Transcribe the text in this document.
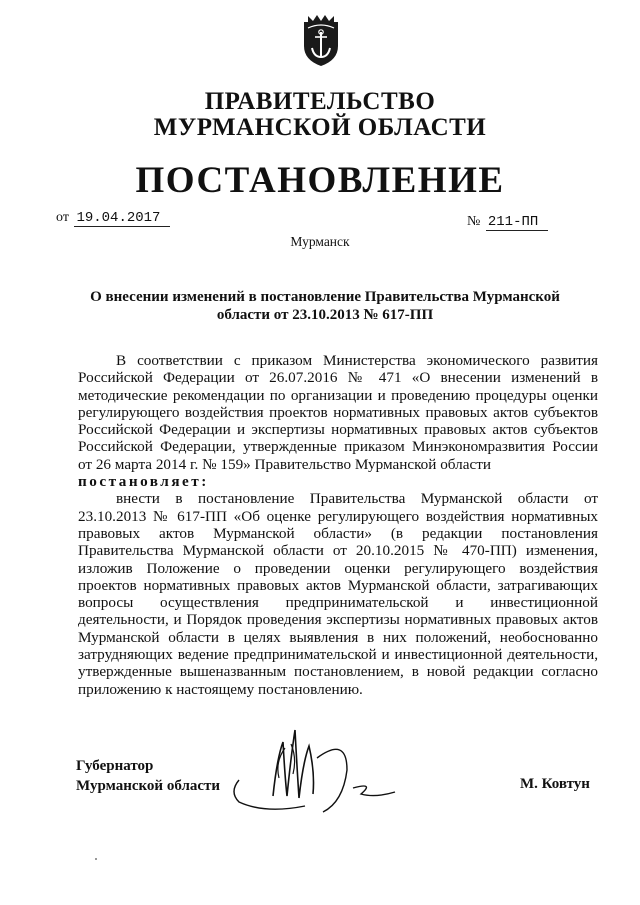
ПРАВИТЕЛЬСТВО
МУРМАНСКОЙ ОБЛАСТИ
ПОСТАНОВЛЕНИЕ
от 19.04.2017	№ 211-ПП
Мурманск
О внесении изменений в постановление Правительства Мурманской области от 23.10.2013 № 617-ПП

В соответствии с приказом Министерства экономического развития Российской Федерации от 26.07.2016 № 471 «О внесении изменений в методические рекомендации по организации и проведению процедуры оценки регулирующего воздействия проектов нормативных правовых актов субъектов Российской Федерации и экспертизы нормативных правовых актов субъектов Российской Федерации, утвержденные приказом Минэкономразвития России от 26 марта 2014 г. № 159» Правительство Мурманской области

постановляет:

внести в постановление Правительства Мурманской области от 23.10.2013 № 617-ПП «Об оценке регулирующего воздействия нормативных правовых актов Мурманской области» (в редакции постановления Правительства Мурманской области от 20.10.2015 № 470-ПП) изменения, изложив Положение о проведении оценки регулирующего воздействия проектов нормативных правовых актов Мурманской области, затрагивающих вопросы осуществления предпринимательской и инвестиционной деятельности, и Порядок проведения экспертизы нормативных правовых актов Мурманской области в целях выявления в них положений, необоснованно затрудняющих ведение предпринимательской и инвестиционной деятельности, утвержденные вышеназванным постановлением, в новой редакции согласно приложению к настоящему постановлению.

Губернатор
Мурманской области	М. Ковтун
